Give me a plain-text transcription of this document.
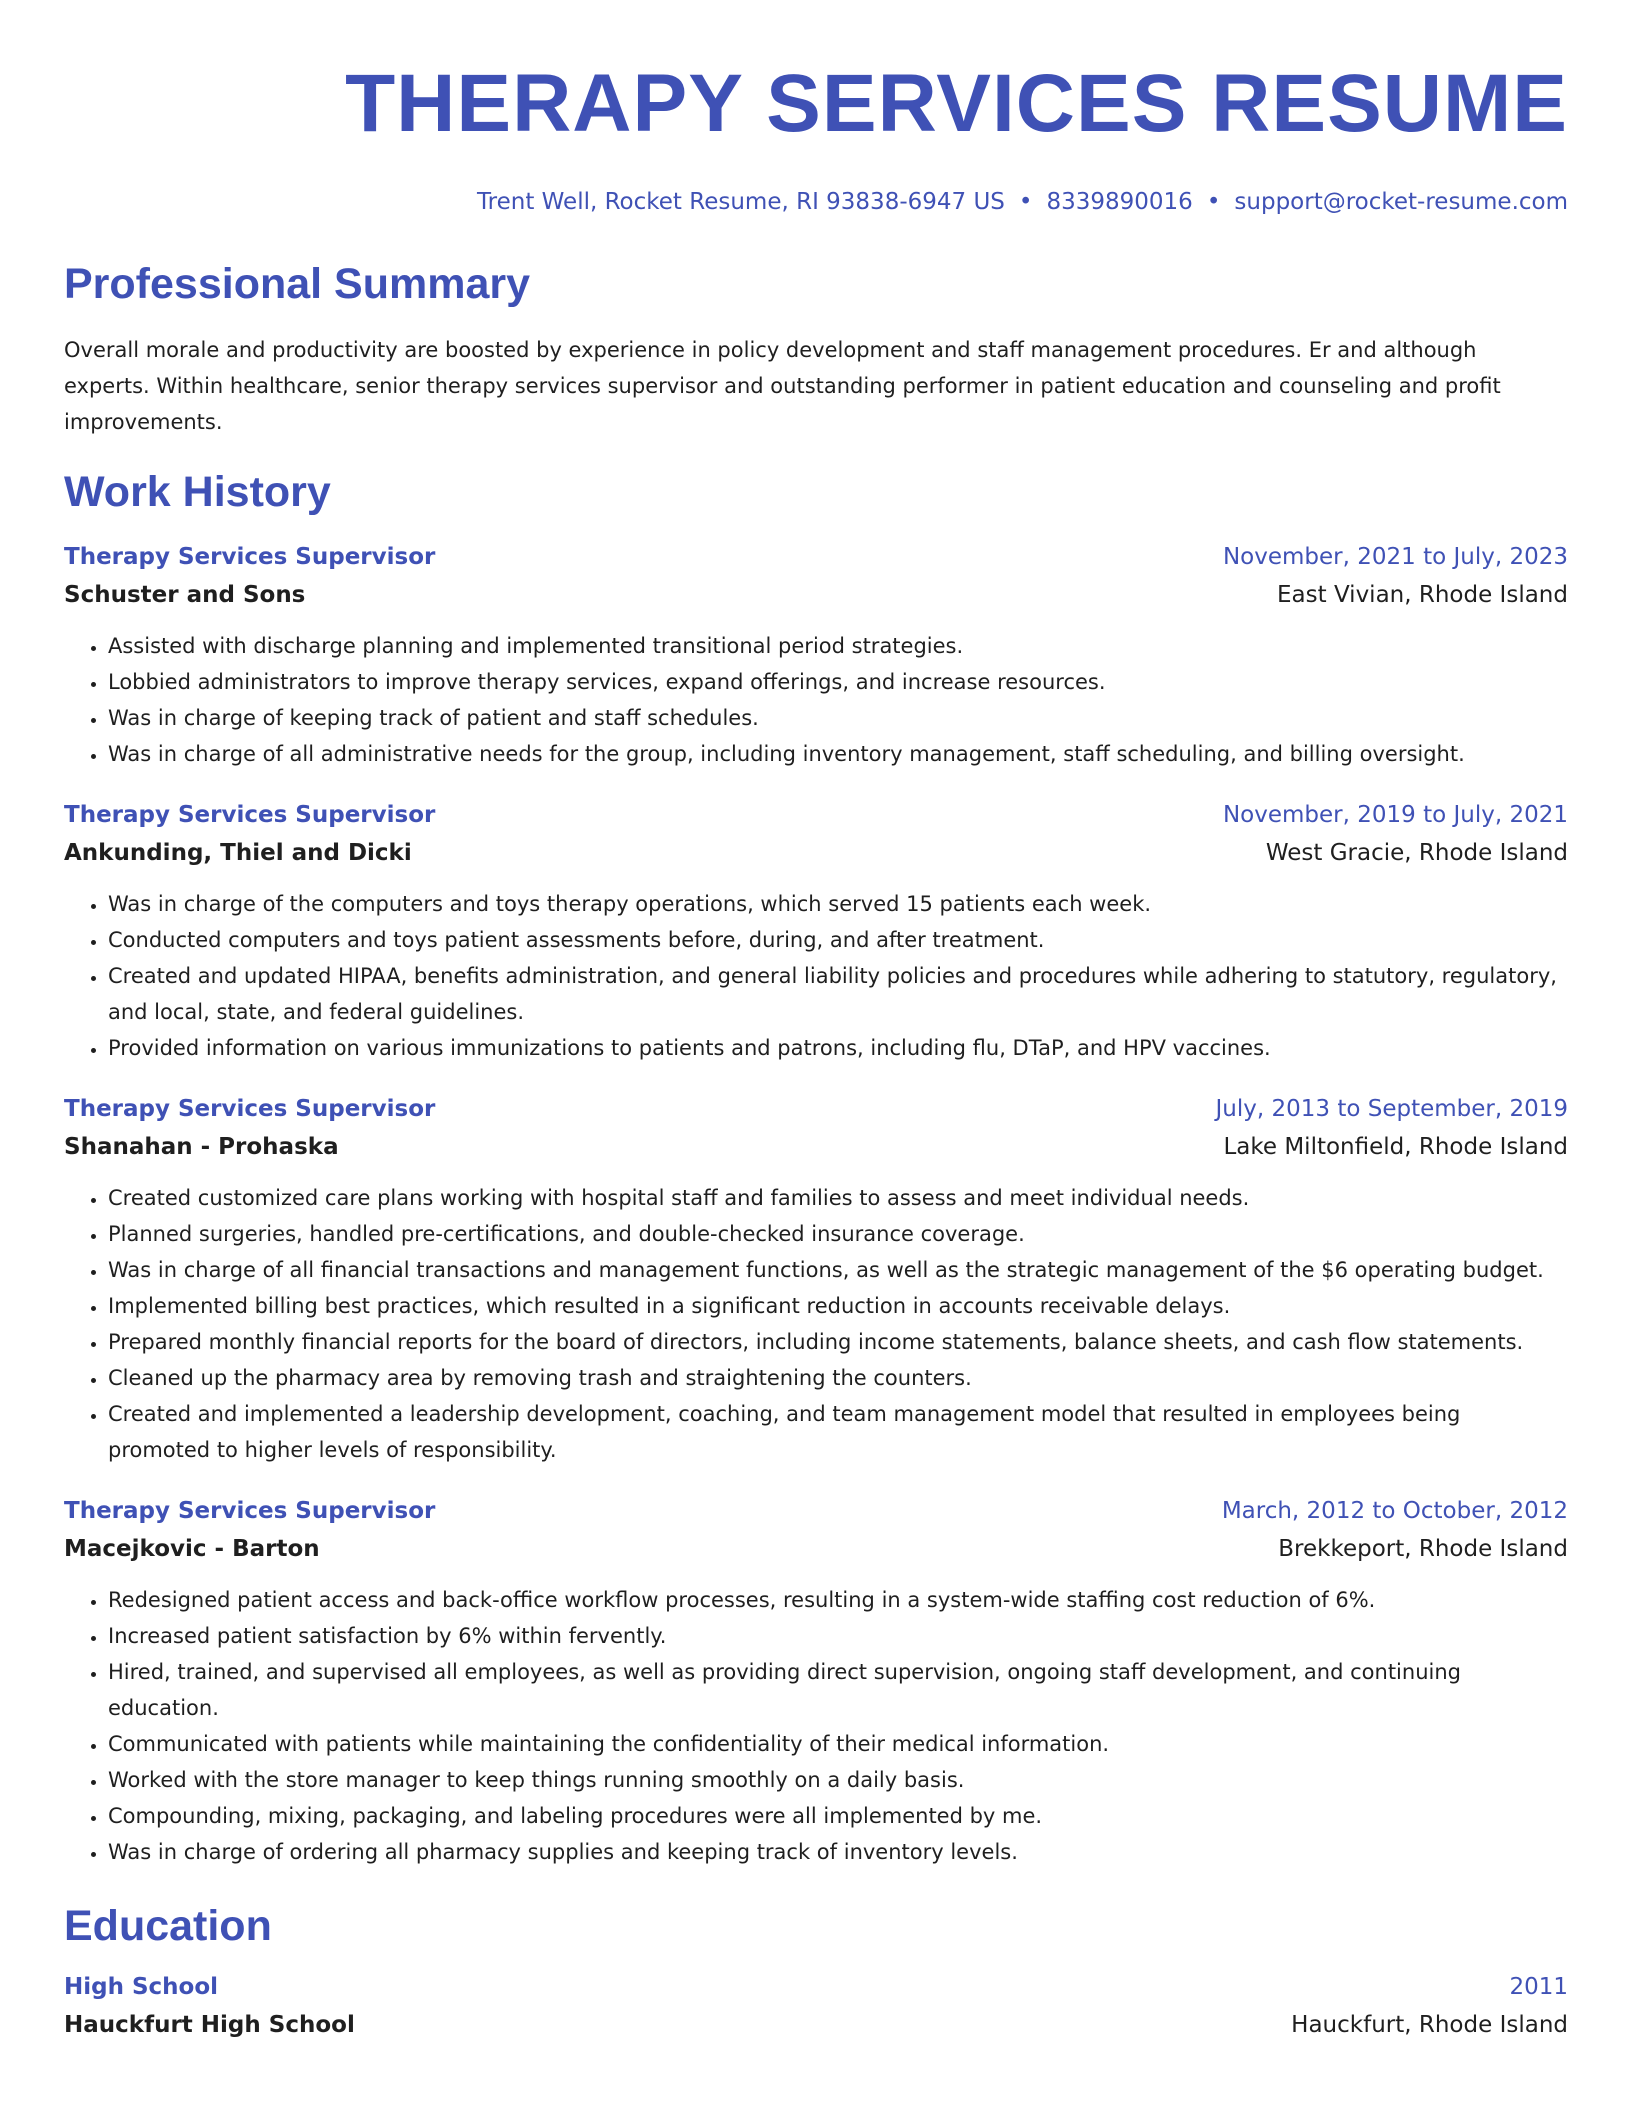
THERAPY SERVICES RESUME
Trent Well, Rocket Resume, RI 93838-6947 US • 8339890016 • support@rocket-resume.com
Professional Summary
Overall morale and productivity are boosted by experience in policy development and staff management procedures. Er and although experts. Within healthcare, senior therapy services supervisor and outstanding performer in patient education and counseling and profit improvements.
Work History
Therapy Services Supervisor	November, 2021 to July, 2023
Schuster and Sons	East Vivian, Rhode Island
• Assisted with discharge planning and implemented transitional period strategies.
• Lobbied administrators to improve therapy services, expand offerings, and increase resources.
• Was in charge of keeping track of patient and staff schedules.
• Was in charge of all administrative needs for the group, including inventory management, staff scheduling, and billing oversight.
Therapy Services Supervisor	November, 2019 to July, 2021
Ankunding, Thiel and Dicki	West Gracie, Rhode Island
• Was in charge of the computers and toys therapy operations, which served 15 patients each week.
• Conducted computers and toys patient assessments before, during, and after treatment.
• Created and updated HIPAA, benefits administration, and general liability policies and procedures while adhering to statutory, regulatory, and local, state, and federal guidelines.
• Provided information on various immunizations to patients and patrons, including flu, DTaP, and HPV vaccines.
Therapy Services Supervisor	July, 2013 to September, 2019
Shanahan - Prohaska	Lake Miltonfield, Rhode Island
• Created customized care plans working with hospital staff and families to assess and meet individual needs.
• Planned surgeries, handled pre-certifications, and double-checked insurance coverage.
• Was in charge of all financial transactions and management functions, as well as the strategic management of the $6 operating budget.
• Implemented billing best practices, which resulted in a significant reduction in accounts receivable delays.
• Prepared monthly financial reports for the board of directors, including income statements, balance sheets, and cash flow statements.
• Cleaned up the pharmacy area by removing trash and straightening the counters.
• Created and implemented a leadership development, coaching, and team management model that resulted in employees being promoted to higher levels of responsibility.
Therapy Services Supervisor	March, 2012 to October, 2012
Macejkovic - Barton	Brekkeport, Rhode Island
• Redesigned patient access and back-office workflow processes, resulting in a system-wide staffing cost reduction of 6%.
• Increased patient satisfaction by 6% within fervently.
• Hired, trained, and supervised all employees, as well as providing direct supervision, ongoing staff development, and continuing education.
• Communicated with patients while maintaining the confidentiality of their medical information.
• Worked with the store manager to keep things running smoothly on a daily basis.
• Compounding, mixing, packaging, and labeling procedures were all implemented by me.
• Was in charge of ordering all pharmacy supplies and keeping track of inventory levels.
Education
High School	2011
Hauckfurt High School	Hauckfurt, Rhode Island
